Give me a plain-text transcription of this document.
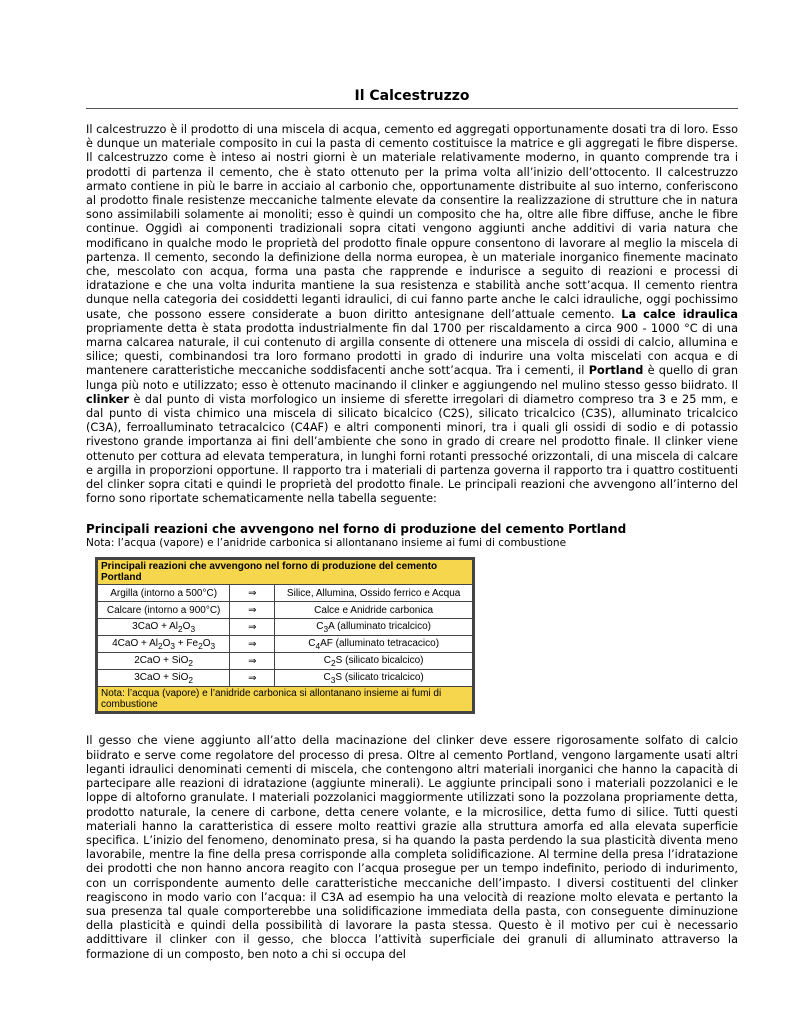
Il Calcestruzzo

Il calcestruzzo è il prodotto di una miscela di acqua, cemento ed aggregati opportunamente dosati tra di loro. Esso è dunque un materiale composito in cui la pasta di cemento costituisce la matrice e gli aggregati le fibre disperse. Il calcestruzzo come è inteso ai nostri giorni è un materiale relativamente moderno, in quanto comprende tra i prodotti di partenza il cemento, che è stato ottenuto per la prima volta all’inizio dell’ottocento. Il calcestruzzo armato contiene in più le barre in acciaio al carbonio che, opportunamente distribuite al suo interno, conferiscono al prodotto finale resistenze meccaniche talmente elevate da consentire la realizzazione di strutture che in natura sono assimilabili solamente ai monoliti; esso è quindi un composito che ha, oltre alle fibre diffuse, anche le fibre continue. Oggidì ai componenti tradizionali sopra citati vengono aggiunti anche additivi di varia natura che modificano in qualche modo le proprietà del prodotto finale oppure consentono di lavorare al meglio la miscela di partenza. Il cemento, secondo la definizione della norma europea, è un materiale inorganico finemente macinato che, mescolato con acqua, forma una pasta che rapprende e indurisce a seguito di reazioni e processi di idratazione e che una volta indurita mantiene la sua resistenza e stabilità anche sott’acqua. Il cemento rientra dunque nella categoria dei cosiddetti leganti idraulici, di cui fanno parte anche le calci idrauliche, oggi pochissimo usate, che possono essere considerate a buon diritto antesignane dell’attuale cemento. La calce idraulica propriamente detta è stata prodotta industrialmente fin dal 1700 per riscaldamento a circa 900 - 1000 °C di una marna calcarea naturale, il cui contenuto di argilla consente di ottenere una miscela di ossidi di calcio, allumina e silice; questi, combinandosi tra loro formano prodotti in grado di indurire una volta miscelati con acqua e di mantenere caratteristiche meccaniche soddisfacenti anche sott’acqua. Tra i cementi, il Portland è quello di gran lunga più noto e utilizzato; esso è ottenuto macinando il clinker e aggiungendo nel mulino stesso gesso biidrato. Il clinker è dal punto di vista morfologico un insieme di sferette irregolari di diametro compreso tra 3 e 25 mm, e dal punto di vista chimico una miscela di silicato bicalcico (C2S), silicato tricalcico (C3S), alluminato tricalcico (C3A), ferroalluminato tetracalcico (C4AF) e altri componenti minori, tra i quali gli ossidi di sodio e di potassio rivestono grande importanza ai fini dell’ambiente che sono in grado di creare nel prodotto finale. Il clinker viene ottenuto per cottura ad elevata temperatura, in lunghi forni rotanti pressoché orizzontali, di una miscela di calcare e argilla in proporzioni opportune. Il rapporto tra i materiali di partenza governa il rapporto tra i quattro costituenti del clinker sopra citati e quindi le proprietà del prodotto finale. Le principali reazioni che avvengono all’interno del forno sono riportate schematicamente nella tabella seguente:

Principali reazioni che avvengono nel forno di produzione del cemento Portland
Nota: l’acqua (vapore) e l’anidride carbonica si allontanano insieme ai fumi di combustione
Principali reazioni che avvengono nel forno di produzione del cemento Portland		
Argilla (intorno a 500°C)	⇒	Silice, Allumina, Ossido ferrico e Acqua
Calcare (intorno a 900°C)	⇒	Calce e Anidride carbonica
$3CaO + Al_2O_3$	⇒	$C_3A$ (alluminato tricalcico)
$4CaO + Al_2O_3 + Fe_2O_3$	⇒	$C_4AF$ (alluminato tetracacico)
2CaO + SiO$_2$	⇒	$C_2S$ (silicato bicalcico)
3CaO + SiO$_2$	⇒	$C_3S$ (silicato tricalcico)
Nota: l’acqua (vapore) e l’anidride carbonica si allontanano insieme ai fumi di combustione		

Il gesso che viene aggiunto all’atto della macinazione del clinker deve essere rigorosamente solfato di calcio biidrato e serve come regolatore del processo di presa. Oltre al cemento Portland, vengono largamente usati altri leganti idraulici denominati cementi di miscela, che contengono altri materiali inorganici che hanno la capacità di partecipare alle reazioni di idratazione (aggiunte minerali). Le aggiunte principali sono i materiali pozzolanici e le loppe di altoforno granulate. I materiali pozzolanici maggiormente utilizzati sono la pozzolana propriamente detta, prodotto naturale, la cenere di carbone, detta cenere volante, e la microsilice, detta fumo di silice. Tutti questi materiali hanno la caratteristica di essere molto reattivi grazie alla struttura amorfa ed alla elevata superficie specifica. L’inizio del fenomeno, denominato presa, si ha quando la pasta perdendo la sua plasticità diventa meno lavorabile, mentre la fine della presa corrisponde alla completa solidificazione. Al termine della presa l’idratazione dei prodotti che non hanno ancora reagito con l’acqua prosegue per un tempo indefinito, periodo di indurimento, con un corrispondente aumento delle caratteristiche meccaniche dell’impasto. I diversi costituenti del clinker reagiscono in modo vario con l’acqua: il C3A ad esempio ha una velocità di reazione molto elevata e pertanto la sua presenza tal quale comporterebbe una solidificazione immediata della pasta, con conseguente diminuzione della plasticità e quindi della possibilità di lavorare la pasta stessa. Questo è il motivo per cui è necessario addittivare il clinker con il gesso, che blocca l’attività superficiale dei granuli di alluminato attraverso la formazione di un composto, ben noto a chi si occupa del
